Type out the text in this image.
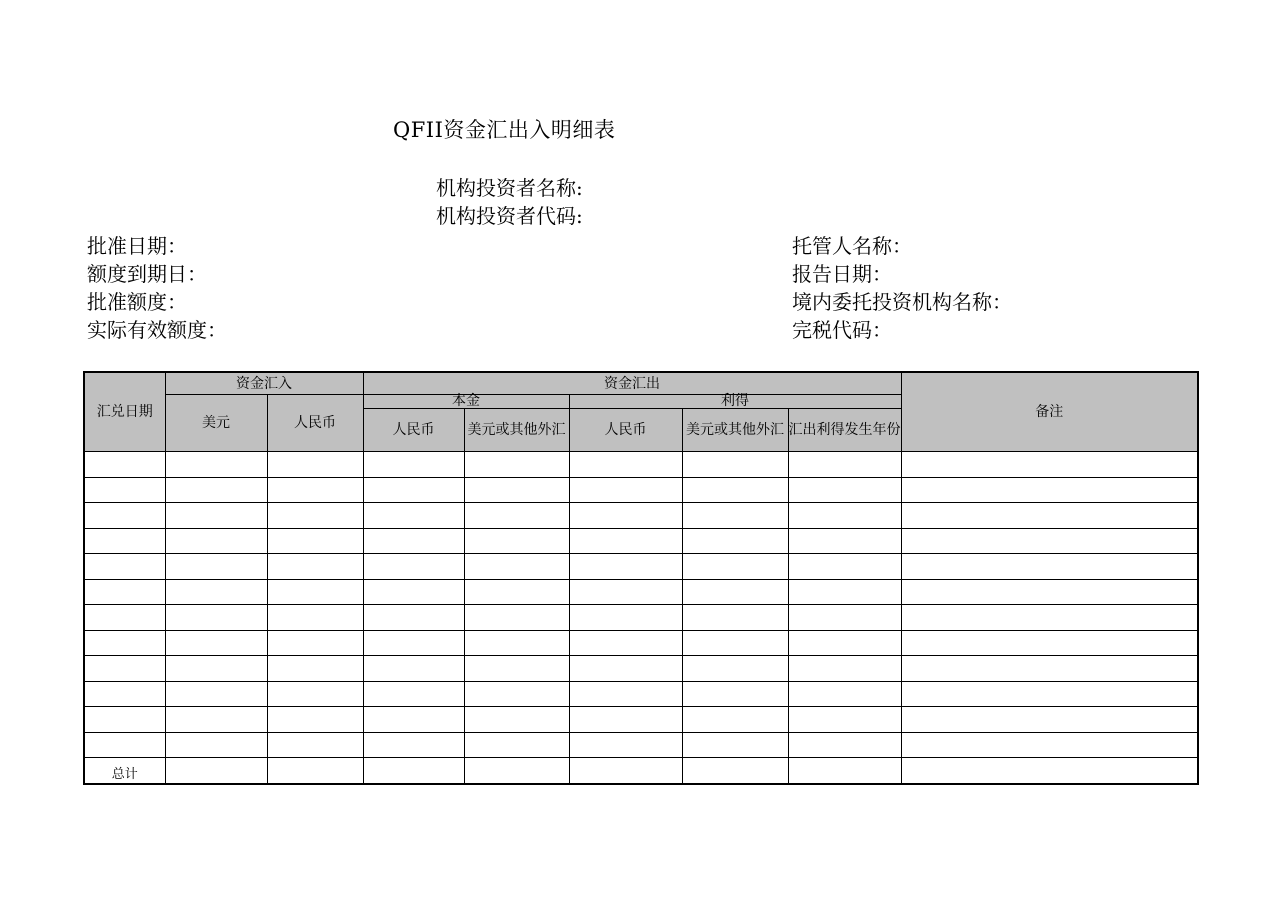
QFII资金汇出入明细表
机构投资者名称:
机构投资者代码:
批准日期：
额度到期日：
批准额度：
实际有效额度：
托管人名称：
报告日期：
境内委托投资机构名称：
完税代码：
汇兑日期	资金汇入		资金汇出					备注
	美元	人民币	本金		利得			
			人民币	美元或其他外汇	人民币	美元或其他外汇	汇出利得发生年份	

总计								
